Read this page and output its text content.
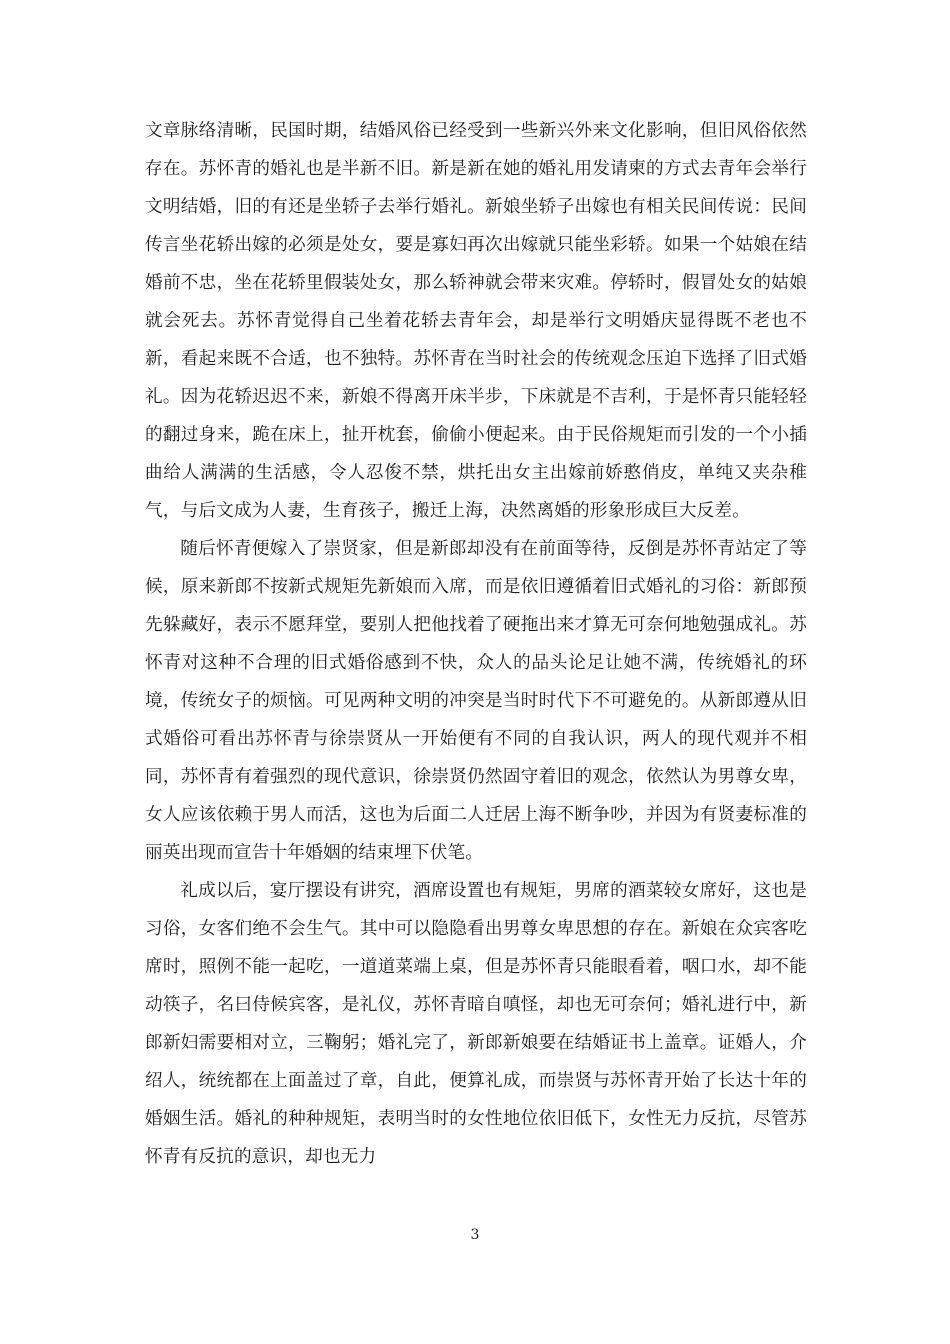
文章脉络清晰，民国时期，结婚风俗已经受到一些新兴外来文化影响，但旧风俗依然存在。苏怀青的婚礼也是半新不旧。新是新在她的婚礼用发请柬的方式去青年会举行文明结婚，旧的有还是坐轿子去举行婚礼。新娘坐轿子出嫁也有相关民间传说：民间传言坐花轿出嫁的必须是处女，要是寡妇再次出嫁就只能坐彩轿。如果一个姑娘在结婚前不忠，坐在花轿里假装处女，那么轿神就会带来灾难。停轿时，假冒处女的姑娘就会死去。苏怀青觉得自己坐着花轿去青年会，却是举行文明婚庆显得既不老也不新，看起来既不合适，也不独特。苏怀青在当时社会的传统观念压迫下选择了旧式婚礼。因为花轿迟迟不来，新娘不得离开床半步，下床就是不吉利，于是怀青只能轻轻的翻过身来，跪在床上，扯开枕套，偷偷小便起来。由于民俗规矩而引发的一个小插曲给人满满的生活感，令人忍俊不禁，烘托出女主出嫁前娇憨俏皮，单纯又夹杂稚气，与后文成为人妻，生育孩子，搬迁上海，决然离婚的形象形成巨大反差。

随后怀青便嫁入了崇贤家，但是新郎却没有在前面等待，反倒是苏怀青站定了等候，原来新郎不按新式规矩先新娘而入席，而是依旧遵循着旧式婚礼的习俗：新郎预先躲藏好，表示不愿拜堂，要别人把他找着了硬拖出来才算无可奈何地勉强成礼。苏怀青对这种不合理的旧式婚俗感到不快，众人的品头论足让她不满，传统婚礼的环境，传统女子的烦恼。可见两种文明的冲突是当时时代下不可避免的。从新郎遵从旧式婚俗可看出苏怀青与徐崇贤从一开始便有不同的自我认识，两人的现代观并不相同，苏怀青有着强烈的现代意识，徐崇贤仍然固守着旧的观念，依然认为男尊女卑，女人应该依赖于男人而活，这也为后面二人迁居上海不断争吵，并因为有贤妻标准的丽英出现而宣告十年婚姻的结束埋下伏笔。

礼成以后，宴厅摆设有讲究，酒席设置也有规矩，男席的酒菜较女席好，这也是习俗，女客们绝不会生气。其中可以隐隐看出男尊女卑思想的存在。新娘在众宾客吃席时，照例不能一起吃，一道道菜端上桌，但是苏怀青只能眼看着，咽口水，却不能动筷子，名曰侍候宾客，是礼仪，苏怀青暗自嗔怪，却也无可奈何；婚礼进行中，新郎新妇需要相对立，三鞠躬；婚礼完了，新郎新娘要在结婚证书上盖章。证婚人，介绍人，统统都在上面盖过了章，自此，便算礼成，而崇贤与苏怀青开始了长达十年的婚姻生活。婚礼的种种规矩，表明当时的女性地位依旧低下，女性无力反抗，尽管苏怀青有反抗的意识，却也无力

3
